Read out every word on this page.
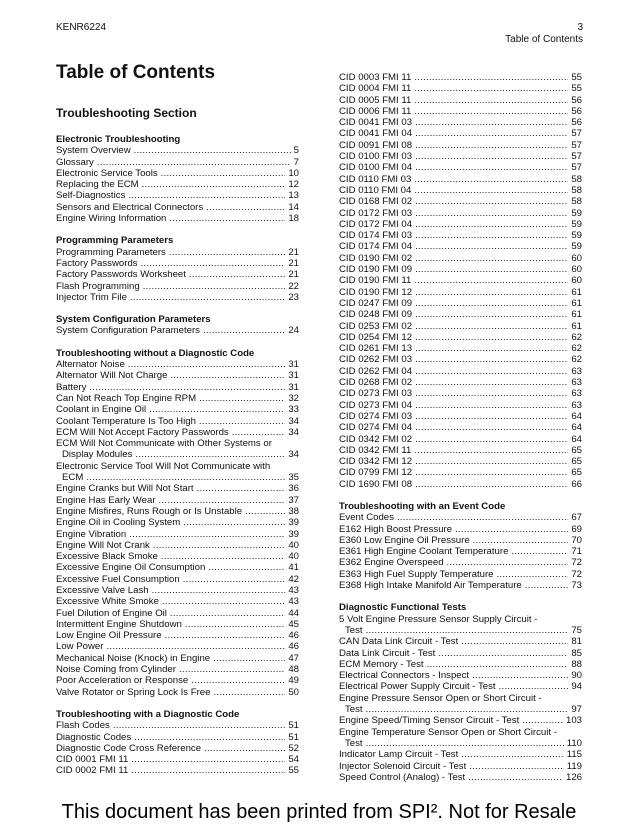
KENR6224	3
Table of Contents
Table of Contents
Troubleshooting Section
Electronic Troubleshooting
System Overview . . .	5
Glossary . . .	7
Electronic Service Tools . . .	10
Replacing the ECM . . .	12
Self-Diagnostics . . .	13
Sensors and Electrical Connectors . . .	14
Engine Wiring Information . . .	18
Programming Parameters
Programming Parameters . . .	21
Factory Passwords . . .	21
Factory Passwords Worksheet . . .	21
Flash Programming . . .	22
Injector Trim File . . .	23
System Configuration Parameters
System Configuration Parameters . . .	24
Troubleshooting without a Diagnostic Code
Alternator Noise . . .	31
Alternator Will Not Charge . . .	31
Battery . . .	31
Can Not Reach Top Engine RPM . . .	32
Coolant in Engine Oil . . .	33
Coolant Temperature Is Too High . . .	34
ECM Will Not Accept Factory Passwords . . .	34
ECM Will Not Communicate with Other Systems or
Display Modules . . .	34
Electronic Service Tool Will Not Communicate with
ECM . . .	35
Engine Cranks but Will Not Start . . .	36
Engine Has Early Wear . . .	37
Engine Misfires, Runs Rough or Is Unstable . . .	38
Engine Oil in Cooling System . . .	39
Engine Vibration . . .	39
Engine Will Not Crank . . .	40
Excessive Black Smoke . . .	40
Excessive Engine Oil Consumption . . .	41
Excessive Fuel Consumption . . .	42
Excessive Valve Lash . . .	43
Excessive White Smoke . . .	43
Fuel Dilution of Engine Oil . . .	44
Intermittent Engine Shutdown . . .	45
Low Engine Oil Pressure . . .	46
Low Power . . .	46
Mechanical Noise (Knock) in Engine . . .	47
Noise Coming from Cylinder . . .	48
Poor Acceleration or Response . . .	49
Valve Rotator or Spring Lock Is Free . . .	50
Troubleshooting with a Diagnostic Code
Flash Codes . . .	51
Diagnostic Codes . . .	51
Diagnostic Code Cross Reference . . .	52
CID 0001 FMI 11 . . .	54
CID 0002 FMI 11 . . .	55
CID 0003 FMI 11 . . .	55
CID 0004 FMI 11 . . .	55
CID 0005 FMI 11 . . .	56
CID 0006 FMI 11 . . .	56
CID 0041 FMI 03 . . .	56
CID 0041 FMI 04 . . .	57
CID 0091 FMI 08 . . .	57
CID 0100 FMI 03 . . .	57
CID 0100 FMI 04 . . .	57
CID 0110 FMI 03 . . .	58
CID 0110 FMI 04 . . .	58
CID 0168 FMI 02 . . .	58
CID 0172 FMI 03 . . .	59
CID 0172 FMI 04 . . .	59
CID 0174 FMI 03 . . .	59
CID 0174 FMI 04 . . .	59
CID 0190 FMI 02 . . .	60
CID 0190 FMI 09 . . .	60
CID 0190 FMI 11 . . .	60
CID 0190 FMI 12 . . .	61
CID 0247 FMI 09 . . .	61
CID 0248 FMI 09 . . .	61
CID 0253 FMI 02 . . .	61
CID 0254 FMI 12 . . .	62
CID 0261 FMI 13 . . .	62
CID 0262 FMI 03 . . .	62
CID 0262 FMI 04 . . .	63
CID 0268 FMI 02 . . .	63
CID 0273 FMI 03 . . .	63
CID 0273 FMI 04 . . .	63
CID 0274 FMI 03 . . .	64
CID 0274 FMI 04 . . .	64
CID 0342 FMI 02 . . .	64
CID 0342 FMI 11 . . .	65
CID 0342 FMI 12 . . .	65
CID 0799 FMI 12 . . .	65
CID 1690 FMI 08 . . .	66
Troubleshooting with an Event Code
Event Codes . . .	67
E162 High Boost Pressure . . .	69
E360 Low Engine Oil Pressure . . .	70
E361 High Engine Coolant Temperature . . .	71
E362 Engine Overspeed . . .	72
E363 High Fuel Supply Temperature . . .	72
E368 High Intake Manifold Air Temperature . . .	73
Diagnostic Functional Tests
5 Volt Engine Pressure Sensor Supply Circuit -
Test . . .	75
CAN Data Link Circuit - Test . . .	81
Data Link Circuit - Test . . .	85
ECM Memory - Test . . .	88
Electrical Connectors - Inspect . . .	90
Electrical Power Supply Circuit - Test . . .	94
Engine Pressure Sensor Open or Short Circuit -
Test . . .	97
Engine Speed/Timing Sensor Circuit - Test . . .	103
Engine Temperature Sensor Open or Short Circuit -
Test . . .	110
Indicator Lamp Circuit - Test . . .	115
Injector Solenoid Circuit - Test . . .	119
Speed Control (Analog) - Test . . .	126
This document has been printed from SPI². Not for Resale
